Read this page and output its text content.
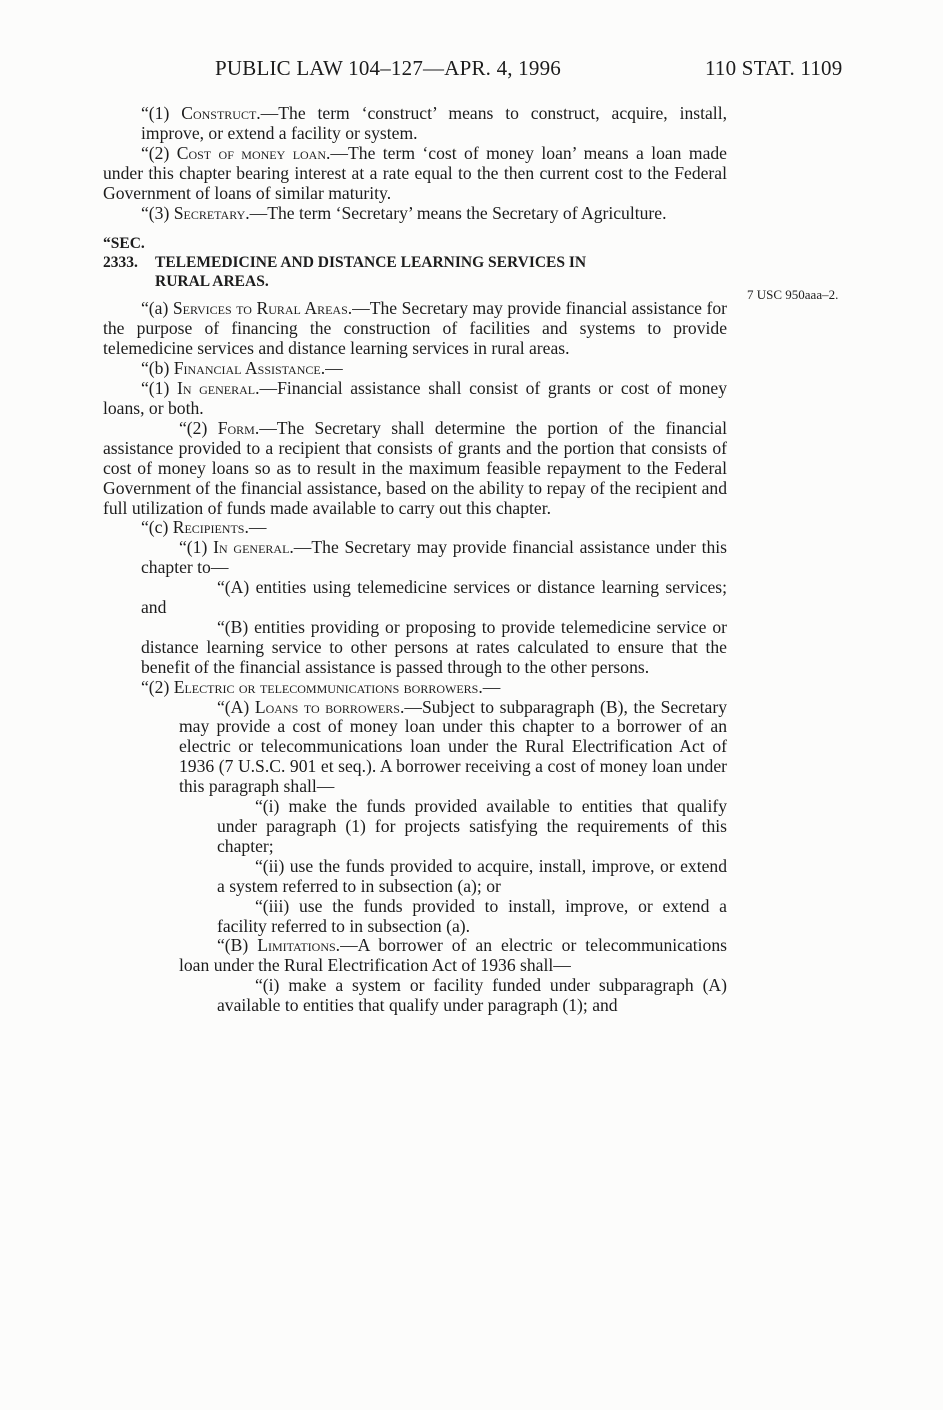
PUBLIC LAW 104–127—APR. 4, 1996	110 STAT. 1109
7 USC 950aaa–2.

“(1) Construct.—The term ‘construct’ means to construct, acquire, install, improve, or extend a facility or system.

“(2) Cost of money loan.—The term ‘cost of money loan’ means a loan made under this chapter bearing interest at a rate equal to the then current cost to the Federal Government of loans of similar maturity.

“(3) Secretary.—The term ‘Secretary’ means the Secretary of Agriculture.

“SEC. 2333. TELEMEDICINE AND DISTANCE LEARNING SERVICES IN
RURAL AREAS.

“(a) Services to Rural Areas.—The Secretary may provide financial assistance for the purpose of financing the construction of facilities and systems to provide telemedicine services and distance learning services in rural areas.

“(b) Financial Assistance.—

“(1) In general.—Financial assistance shall consist of grants or cost of money loans, or both.

“(2) Form.—The Secretary shall determine the portion of the financial assistance provided to a recipient that consists of grants and the portion that consists of cost of money loans so as to result in the maximum feasible repayment to the Federal Government of the financial assistance, based on the ability to repay of the recipient and full utilization of funds made available to carry out this chapter.

“(c) Recipients.—

“(1) In general.—The Secretary may provide financial assistance under this chapter to—

“(A) entities using telemedicine services or distance learning services; and

“(B) entities providing or proposing to provide telemedicine service or distance learning service to other persons at rates calculated to ensure that the benefit of the financial assistance is passed through to the other persons.

“(2) Electric or telecommunications borrowers.—

“(A) Loans to borrowers.—Subject to subparagraph (B), the Secretary may provide a cost of money loan under this chapter to a borrower of an electric or telecommunications loan under the Rural Electrification Act of 1936 (7 U.S.C. 901 et seq.). A borrower receiving a cost of money loan under this paragraph shall—

“(i) make the funds provided available to entities that qualify under paragraph (1) for projects satisfying the requirements of this chapter;

“(ii) use the funds provided to acquire, install, improve, or extend a system referred to in subsection (a); or

“(iii) use the funds provided to install, improve, or extend a facility referred to in subsection (a).

“(B) Limitations.—A borrower of an electric or telecommunications loan under the Rural Electrification Act of 1936 shall—

“(i) make a system or facility funded under subparagraph (A) available to entities that qualify under paragraph (1); and
